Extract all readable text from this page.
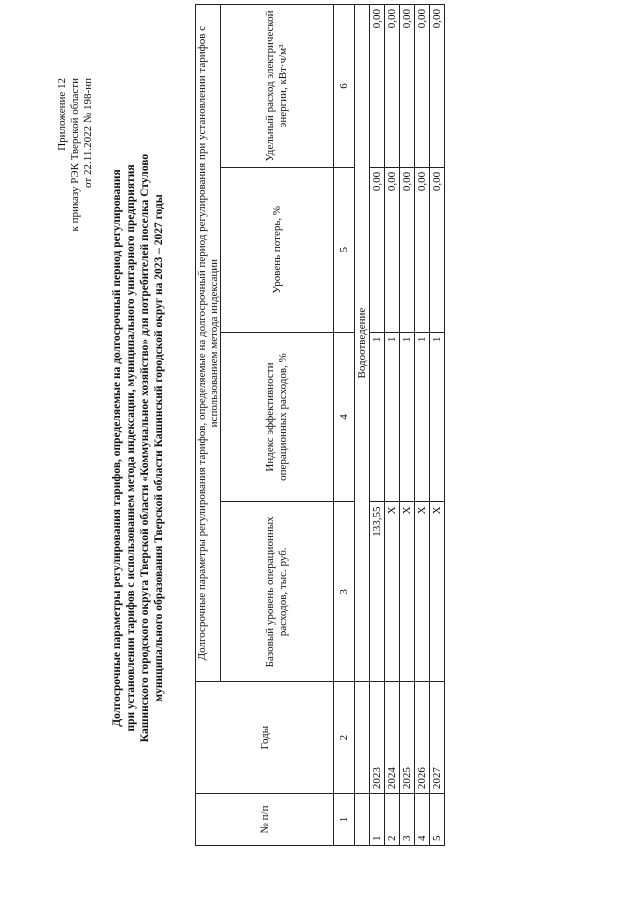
Приложение 12 к приказу РЭК Тверской области от 22.11.2022 № 198-нп
Долгосрочные параметры регулирования тарифов, определяемые на долгосрочный период регулирования при установлении тарифов с использованием метода индексации, муниципального унитарного предприятия Кашинского городского округа Тверской области «Коммунальное хозяйство» для потребителей поселка Стулово муниципального образования Тверской области Кашинский городской округ на 2023 – 2027 годы
№ п/п	Годы	Долгосрочные параметры регулирования тарифов, определяемые на долгосрочный период регулирования при установлении тарифов с использованием метода индексации			
		Базовый уровень операционных расходов, тыс. руб.	Индекс эффективности операционных расходов, %	Уровень потерь, %	Удельный расход электрической энергии, кВт·ч/м³
1	2	3	4	5	6
		Водоотведение			
1	2023	133,55	1	0,00	0,00
2	2024	Х	1	0,00	0,00
3	2025	Х	1	0,00	0,00
4	2026	Х	1	0,00	0,00
5	2027	Х	1	0,00	0,00
